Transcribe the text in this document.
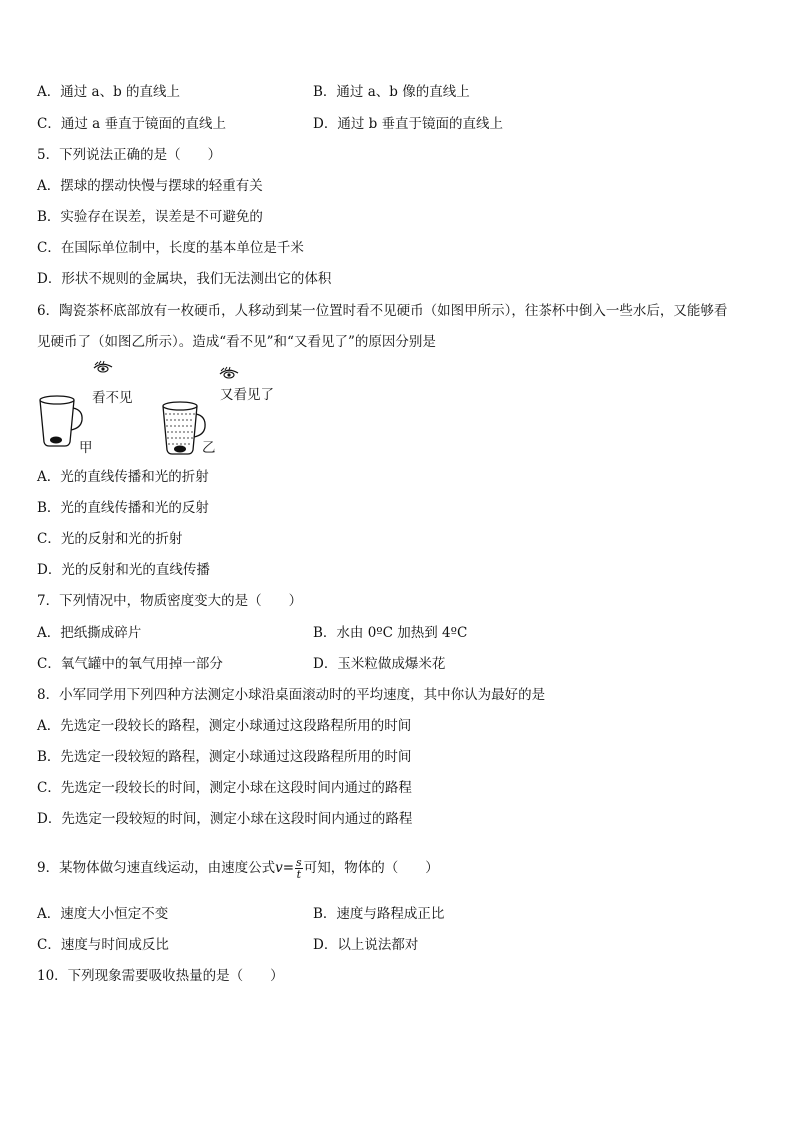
A．通过 a、b 的直线上	B．通过 a、b 像的直线上
C．通过 a 垂直于镜面的直线上	D．通过 b 垂直于镜面的直线上
5．下列说法正确的是（　　）
A．摆球的摆动快慢与摆球的轻重有关
B．实验存在误差，误差是不可避免的
C．在国际单位制中，长度的基本单位是千米
D．形状不规则的金属块，我们无法测出它的体积
6．陶瓷茶杯底部放有一枚硬币，人移动到某一位置时看不见硬币（如图甲所示），往茶杯中倒入一些水后，又能够看
见硬币了（如图乙所示）。造成“看不见”和“又看见了”的原因分别是
看不见	又看见了
甲	乙
A．光的直线传播和光的折射
B．光的直线传播和光的反射
C．光的反射和光的折射
D．光的反射和光的直线传播
7．下列情况中，物质密度变大的是（　　）
A．把纸撕成碎片	B．水由 0ºC 加热到 4ºC
C．氧气罐中的氧气用掉一部分	D．玉米粒做成爆米花
8．小军同学用下列四种方法测定小球沿桌面滚动时的平均速度，其中你认为最好的是
A．先选定一段较长的路程，测定小球通过这段路程所用的时间
B．先选定一段较短的路程，测定小球通过这段路程所用的时间
C．先选定一段较长的时间，测定小球在这段时间内通过的路程
D．先选定一段较短的时间，测定小球在这段时间内通过的路程
9．某物体做匀速直线运动，由速度公式$v= \frac{s}{t}$ 可知，物体的（　　）
A．速度大小恒定不变	B．速度与路程成正比
C．速度与时间成反比	D．以上说法都对
10．下列现象需要吸收热量的是（　　）
